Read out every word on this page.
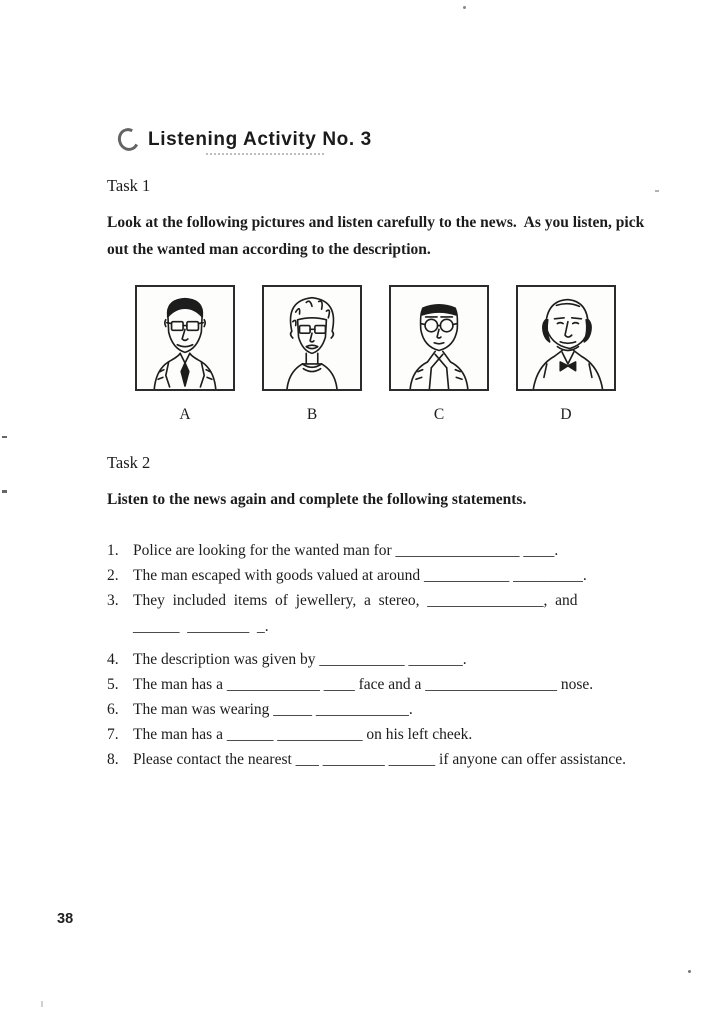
Listening Activity No. 3
Task 1

Look at the following pictures and listen carefully to the news.  As you listen, pick out the wanted man according to the description.

A	B	C	D
Task 2

Listen to the news again and complete the following statements.

1. Police are looking for the wanted man for ________________ ____.
2. The man escaped with goods valued at around ___________ _________.
3. They  included  items  of  jewellery,  a  stereo,  _______________,  and
______  ________  _.
4. The description was given by ___________ _______.
5. The man has a ____________ ____ face and a _________________ nose.
6. The man was wearing _____ ____________.
7. The man has a ______ ___________ on his left cheek.
8. Please contact the nearest ___ ________ ______ if anyone can offer assistance.
38
